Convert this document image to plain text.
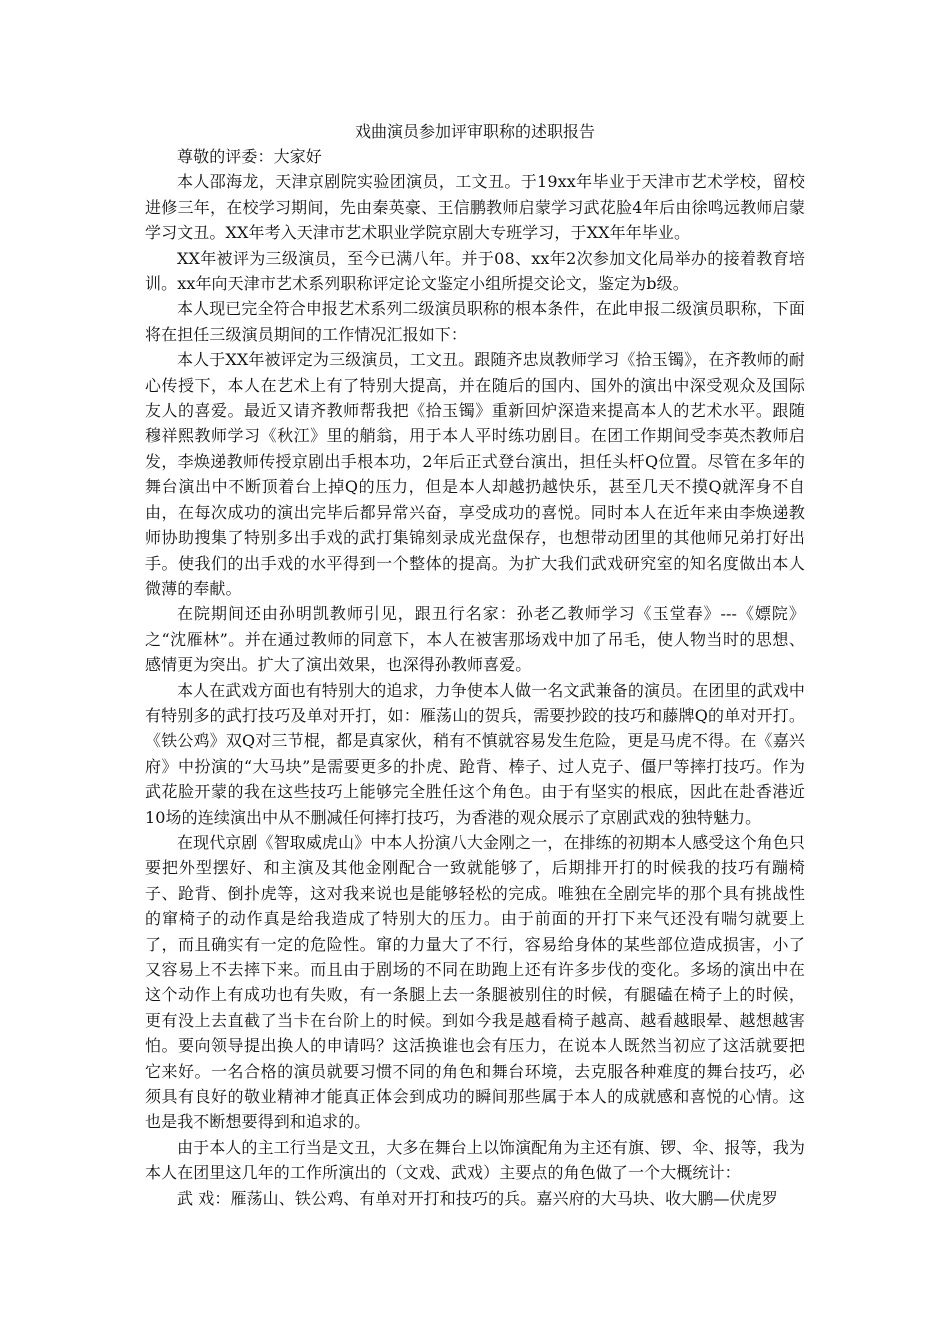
戏曲演员参加评审职称的述职报告

尊敬的评委：大家好

本人邵海龙，天津京剧院实验团演员，工文丑。于19xx年毕业于天津市艺术学校，留校进修三年，在校学习期间，先由秦英豪、王信鹏教师启蒙学习武花脸4年后由徐鸣远教师启蒙学习文丑。XX年考入天津市艺术职业学院京剧大专班学习，于XX年年毕业。

XX年被评为三级演员，至今已满八年。并于08、xx年2次参加文化局举办的接着教育培训。xx年向天津市艺术系列职称评定论文鉴定小组所提交论文，鉴定为b级。

本人现已完全符合申报艺术系列二级演员职称的根本条件，在此申报二级演员职称，下面将在担任三级演员期间的工作情况汇报如下：

本人于XX年被评定为三级演员，工文丑。跟随齐忠岚教师学习《拾玉镯》，在齐教师的耐心传授下，本人在艺术上有了特别大提高，并在随后的国内、国外的演出中深受观众及国际友人的喜爱。最近又请齐教师帮我把《拾玉镯》重新回炉深造来提高本人的艺术水平。跟随穆祥熙教师学习《秋江》里的艄翁，用于本人平时练功剧目。在团工作期间受李英杰教师启发，李焕递教师传授京剧出手根本功，2年后正式登台演出，担任头杆Q位置。尽管在多年的舞台演出中不断顶着台上掉Q的压力，但是本人却越扔越快乐，甚至几天不摸Q就浑身不自由，在每次成功的演出完毕后都异常兴奋，享受成功的喜悦。同时本人在近年来由李焕递教师协助搜集了特别多出手戏的武打集锦刻录成光盘保存，也想带动团里的其他师兄弟打好出手。使我们的出手戏的水平得到一个整体的提高。为扩大我们武戏研究室的知名度做出本人微薄的奉献。

在院期间还由孙明凯教师引见，跟丑行名家：孙老乙教师学习《玉堂春》---《嫖院》之“沈雁林”。并在通过教师的同意下，本人在被害那场戏中加了吊毛，使人物当时的思想、感情更为突出。扩大了演出效果，也深得孙教师喜爱。

本人在武戏方面也有特别大的追求，力争使本人做一名文武兼备的演员。在团里的武戏中有特别多的武打技巧及单对开打，如：雁荡山的贺兵，需要抄跤的技巧和藤牌Q的单对开打。《铁公鸡》双Q对三节棍，都是真家伙，稍有不慎就容易发生危险，更是马虎不得。在《嘉兴府》中扮演的“大马块”是需要更多的扑虎、跄背、棒子、过人克子、僵尸等摔打技巧。作为武花脸开蒙的我在这些技巧上能够完全胜任这个角色。由于有坚实的根底，因此在赴香港近10场的连续演出中从不删减任何摔打技巧，为香港的观众展示了京剧武戏的独特魅力。

在现代京剧《智取威虎山》中本人扮演八大金刚之一，在排练的初期本人感受这个角色只要把外型摆好、和主演及其他金刚配合一致就能够了，后期排开打的时候我的技巧有蹦椅子、跄背、倒扑虎等，这对我来说也是能够轻松的完成。唯独在全剧完毕的那个具有挑战性的窜椅子的动作真是给我造成了特别大的压力。由于前面的开打下来气还没有喘匀就要上了，而且确实有一定的危险性。窜的力量大了不行，容易给身体的某些部位造成损害，小了又容易上不去摔下来。而且由于剧场的不同在助跑上还有许多步伐的变化。多场的演出中在这个动作上有成功也有失败，有一条腿上去一条腿被别住的时候，有腿磕在椅子上的时候，更有没上去直截了当卡在台阶上的时候。到如今我是越看椅子越高、越看越眼晕、越想越害怕。要向领导提出换人的申请吗？这活换谁也会有压力，在说本人既然当初应了这活就要把它来好。一名合格的演员就要习惯不同的角色和舞台环境，去克服各种难度的舞台技巧，必须具有良好的敬业精神才能真正体会到成功的瞬间那些属于本人的成就感和喜悦的心情。这也是我不断想要得到和追求的。

由于本人的主工行当是文丑，大多在舞台上以饰演配角为主还有旗、锣、伞、报等，我为本人在团里这几年的工作所演出的（文戏、武戏）主要点的角色做了一个大概统计：

武 戏：雁荡山、铁公鸡、有单对开打和技巧的兵。嘉兴府的大马块、收大鹏—伏虎罗
